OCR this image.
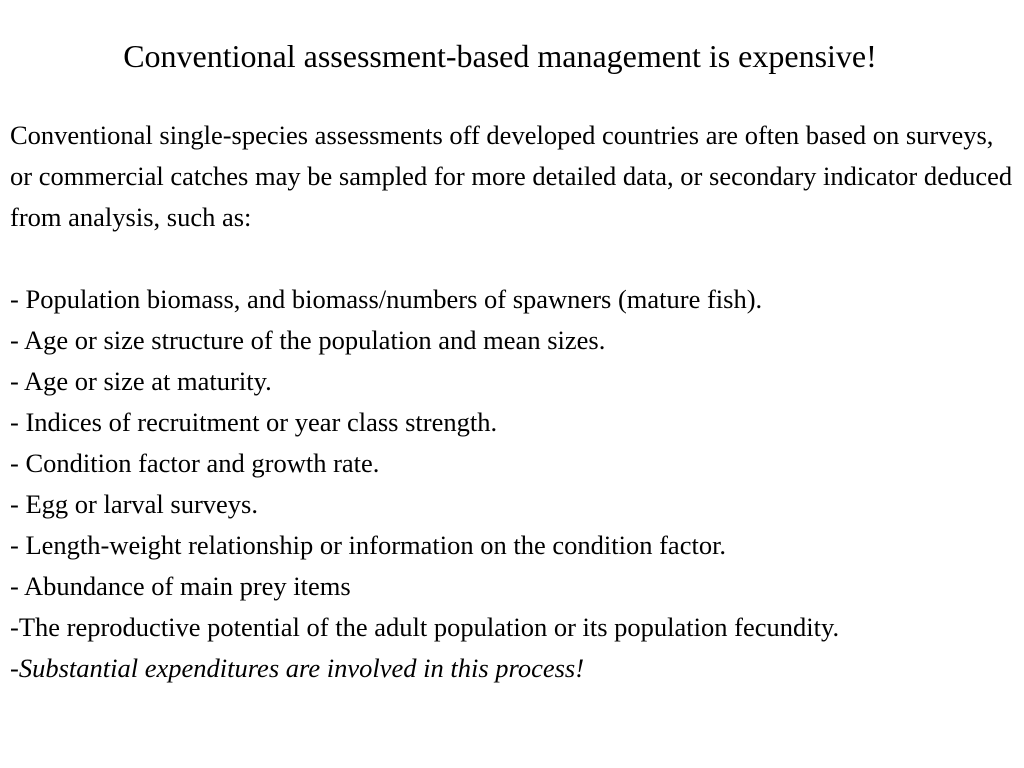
Conventional assessment-based management is expensive!

Conventional single-species assessments off developed countries are often based on surveys, or commercial catches may be sampled for more detailed data, or secondary indicator deduced from analysis, such as:

- Population biomass, and biomass/numbers of spawners (mature fish).
- Age or size structure of the population and mean sizes.
- Age or size at maturity.
- Indices of recruitment or year class strength.
- Condition factor and growth rate.
- Egg or larval surveys.
- Length-weight relationship or information on the condition factor.
- Abundance of main prey items
-The reproductive potential of the adult population or its population fecundity.
-Substantial expenditures are involved in this process!
